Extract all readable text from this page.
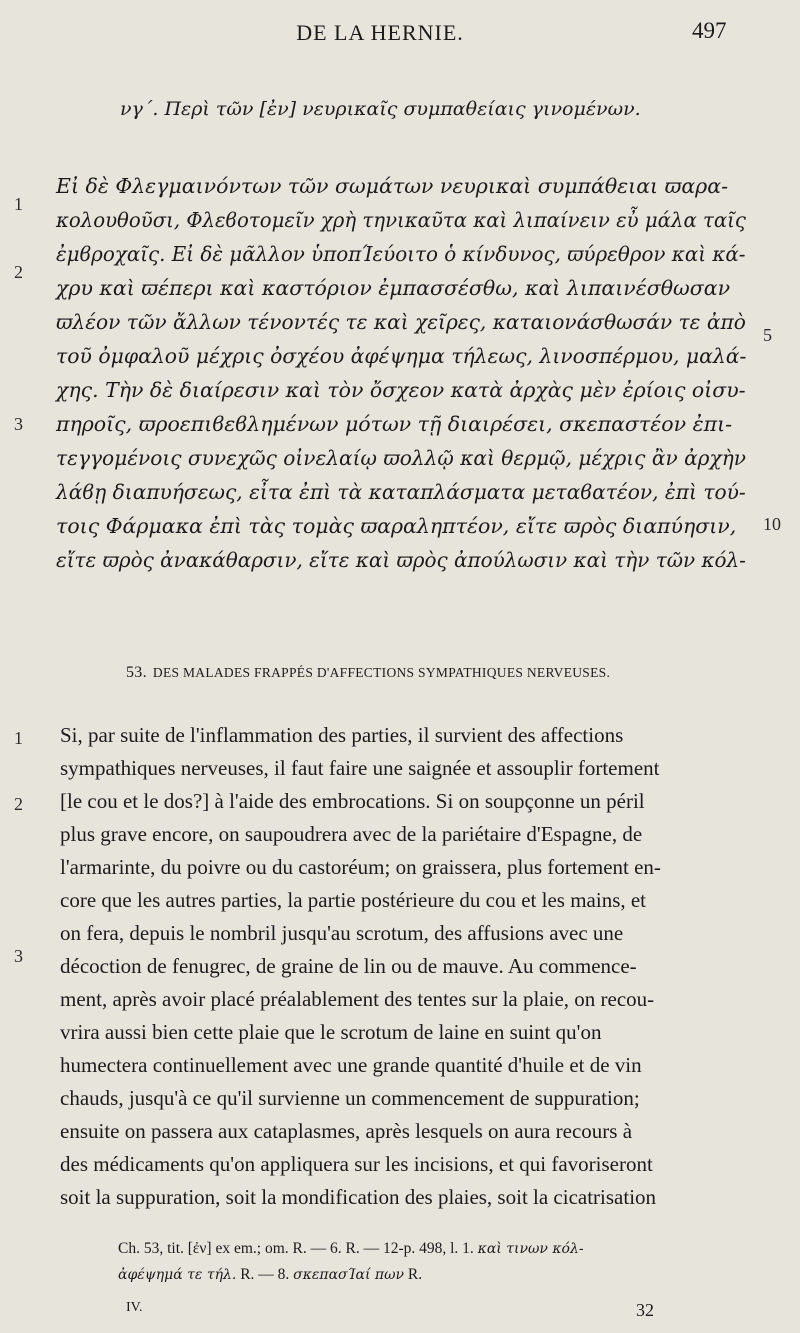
DE LA HERNIE.	497
νγ΄. Περὶ τῶν [ἐν] νευρικαῖς συμπαθείαις γινομένων.
Εἰ δὲ Φλεγμαινόντων τῶν σωμάτων νευρικαὶ συμπάθειαι ϖαρα-
κολουθοῦσι, Φλεϐοτομεῖν χρὴ τηνικαῦτα καὶ λιπαίνειν εὖ μάλα ταῖς
ἐμϐροχαῖς. Εἰ δὲ μᾶλλον ὑποπΊεύοιτο ὁ κίνδυνος, ϖύρεθρον καὶ κά-
χρυ καὶ ϖέπερι καὶ καστόριον ἐμπασσέσθω, καὶ λιπαινέσθωσαν
ϖλέον τῶν ἄλλων τένοντές τε καὶ χεῖρες, καταιονάσθωσάν τε ἀπὸ
τοῦ ὀμφαλοῦ μέχρις ὀσχέου ἀφέψημα τήλεως, λινοσπέρμου, μαλά-
χης. Τὴν δὲ διαίρεσιν καὶ τὸν ὄσχεον κατὰ ἀρχὰς μὲν ἐρίοις οἰσυ-
πηροῖς, ϖροεπιϐεϐλημένων μότων τῇ διαιρέσει, σκεπαστέον ἐπι-
τεγγομένοις συνεχῶς οἰνελαίῳ ϖολλῷ καὶ θερμῷ, μέχρις ἂν ἀρχὴν
λάϐῃ διαπυήσεως, εἶτα ἐπὶ τὰ καταπλάσματα μεταϐατέον, ἐπὶ τού-
τοις Φάρμακα ἐπὶ τὰς τομὰς ϖαραληπτέον, εἴτε ϖρὸς διαπύησιν,
εἴτε ϖρὸς ἀνακάθαρσιν, εἴτε καὶ ϖρὸς ἀπούλωσιν καὶ τὴν τῶν κόλ-
1
2
3
5
10
53. DES MALADES FRAPPÉS D'AFFECTIONS SYMPATHIQUES NERVEUSES.
Si, par suite de l'inflammation des parties, il survient des affections
sympathiques nerveuses, il faut faire une saignée et assouplir fortement
[le cou et le dos?] à l'aide des embrocations. Si on soupçonne un péril
plus grave encore, on saupoudrera avec de la pariétaire d'Espagne, de
l'armarinte, du poivre ou du castoréum; on graissera, plus fortement en-
core que les autres parties, la partie postérieure du cou et les mains, et
on fera, depuis le nombril jusqu'au scrotum, des affusions avec une
décoction de fenugrec, de graine de lin ou de mauve. Au commence-
ment, après avoir placé préalablement des tentes sur la plaie, on recou-
vrira aussi bien cette plaie que le scrotum de laine en suint qu'on
humectera continuellement avec une grande quantité d'huile et de vin
chauds, jusqu'à ce qu'il survienne un commencement de suppuration;
ensuite on passera aux cataplasmes, après lesquels on aura recours à
des médicaments qu'on appliquera sur les incisions, et qui favoriseront
soit la suppuration, soit la mondification des plaies, soit la cicatrisation
1
2
3
Ch. 53, tit. [ἐν] ex em.; om. R. — 6. R. — 12-p. 498, l. 1. καὶ τινων κόλ-
ἀφέψημά τε τήλ. R. — 8. σκεπασΊαί πων R.
IV.	32
